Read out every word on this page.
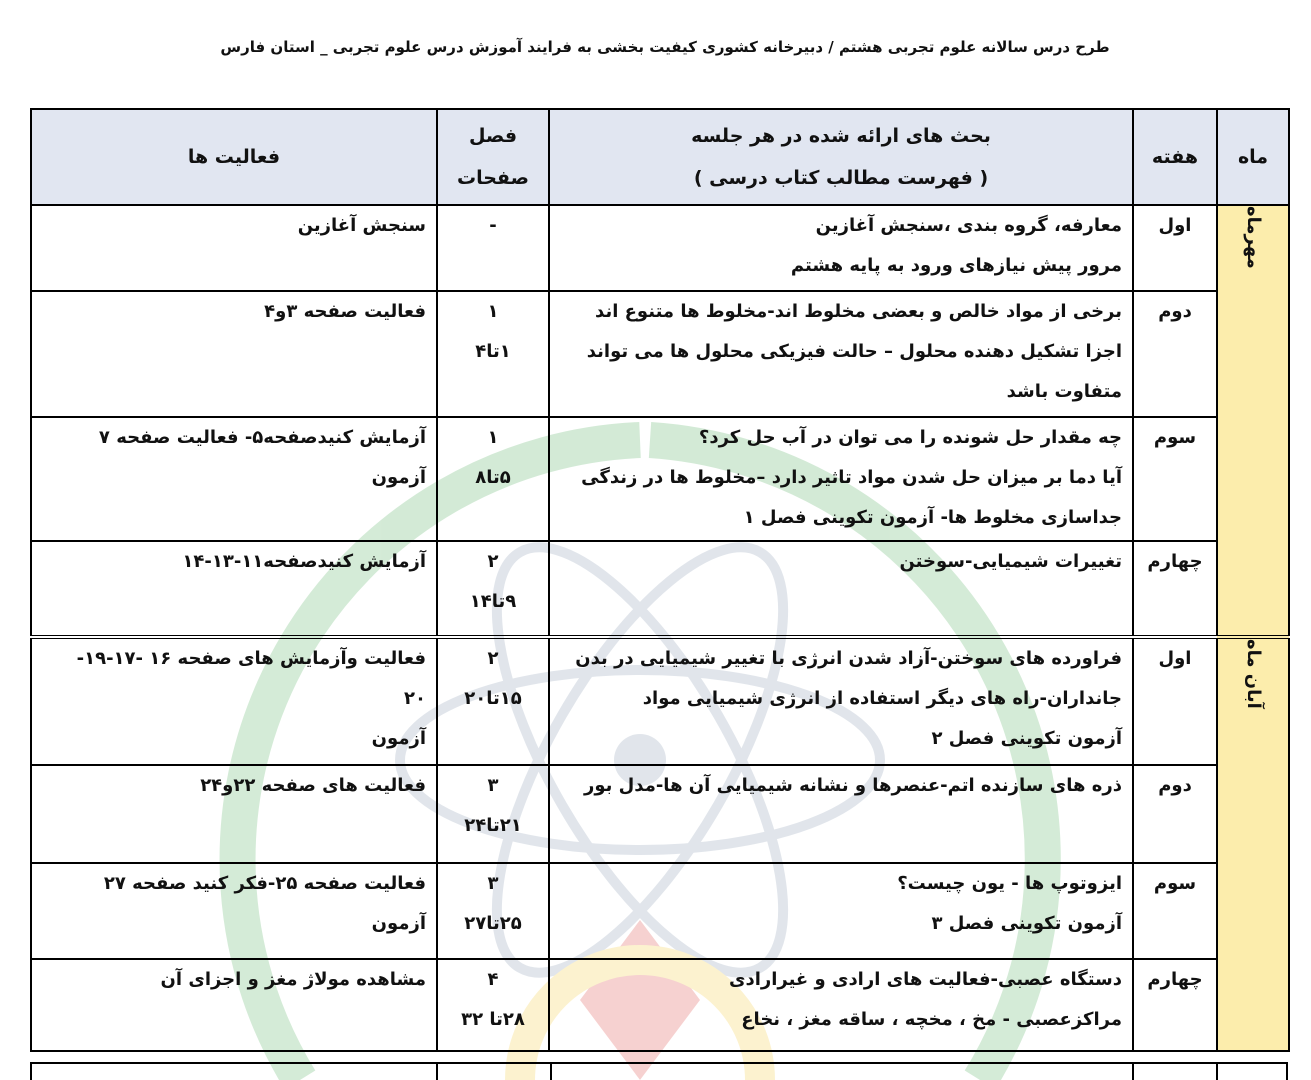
طرح درس سالانه علوم تجربی هشتم / دبیرخانه کشوری کیفیت بخشی به فرایند آموزش درس علوم تجربی _ استان فارس
ماه	هفته	بحث های ارائه شده در هر جلسه
( فهرست مطالب کتاب درسی )	فصل
صفحات	فعالیت ها
مهرماه	اول	معارفه، گروه بندی ،سنجش آغازین
مرور پیش نیازهای ورود به پایه هشتم	-	سنجش آغازین

	دوم	برخی از مواد خالص و بعضی مخلوط اند-مخلوط ها متنوع اند
اجزا تشکیل دهنده محلول – حالت فیزیکی محلول ها می تواند
متفاوت باشد	۱
۱تا۴	فعالیت صفحه ۳و۴

	سوم	چه مقدار حل شونده را می توان در آب حل کرد؟
آیا دما بر میزان حل شدن مواد تاثیر دارد –مخلوط ها در زندگی
جداسازی مخلوط ها- آزمون تکوینی فصل ۱	۱
۵تا۸	آزمایش کنیدصفحه۵- فعالیت صفحه ۷
آزمون

	چهارم	تغییرات شیمیایی-سوختن	۲
۹تا۱۴	آزمایش کنیدصفحه۱۱-۱۳-۱۴

آبان ماه	اول	فراورده های سوختن-آزاد شدن انرژی با تغییر شیمیایی در بدن
جانداران-راه های دیگر استفاده از انرژی شیمیایی مواد
آزمون تکوینی فصل ۲	۲
۱۵تا۲۰	فعالیت وآزمایش های صفحه ۱۶ -۱۷-۱۹-
۲۰
آزمون

	دوم	ذره های سازنده اتم-عنصرها و نشانه شیمیایی آن ها-مدل بور	۳
۲۱تا۲۴	فعالیت های صفحه ۲۲و۲۴

	سوم	ایزوتوپ ها - یون چیست؟
آزمون تکوینی فصل ۳	۳
۲۵تا۲۷	فعالیت صفحه ۲۵-فکر کنید صفحه ۲۷
آزمون

	چهارم	دستگاه عصبی-فعالیت های ارادی و غیرارادی
مراکزعصبی - مخ ، مخچه ، ساقه مغز ، نخاع	۴
۲۸تا ۳۲	مشاهده مولاژ مغز و اجزای آن
